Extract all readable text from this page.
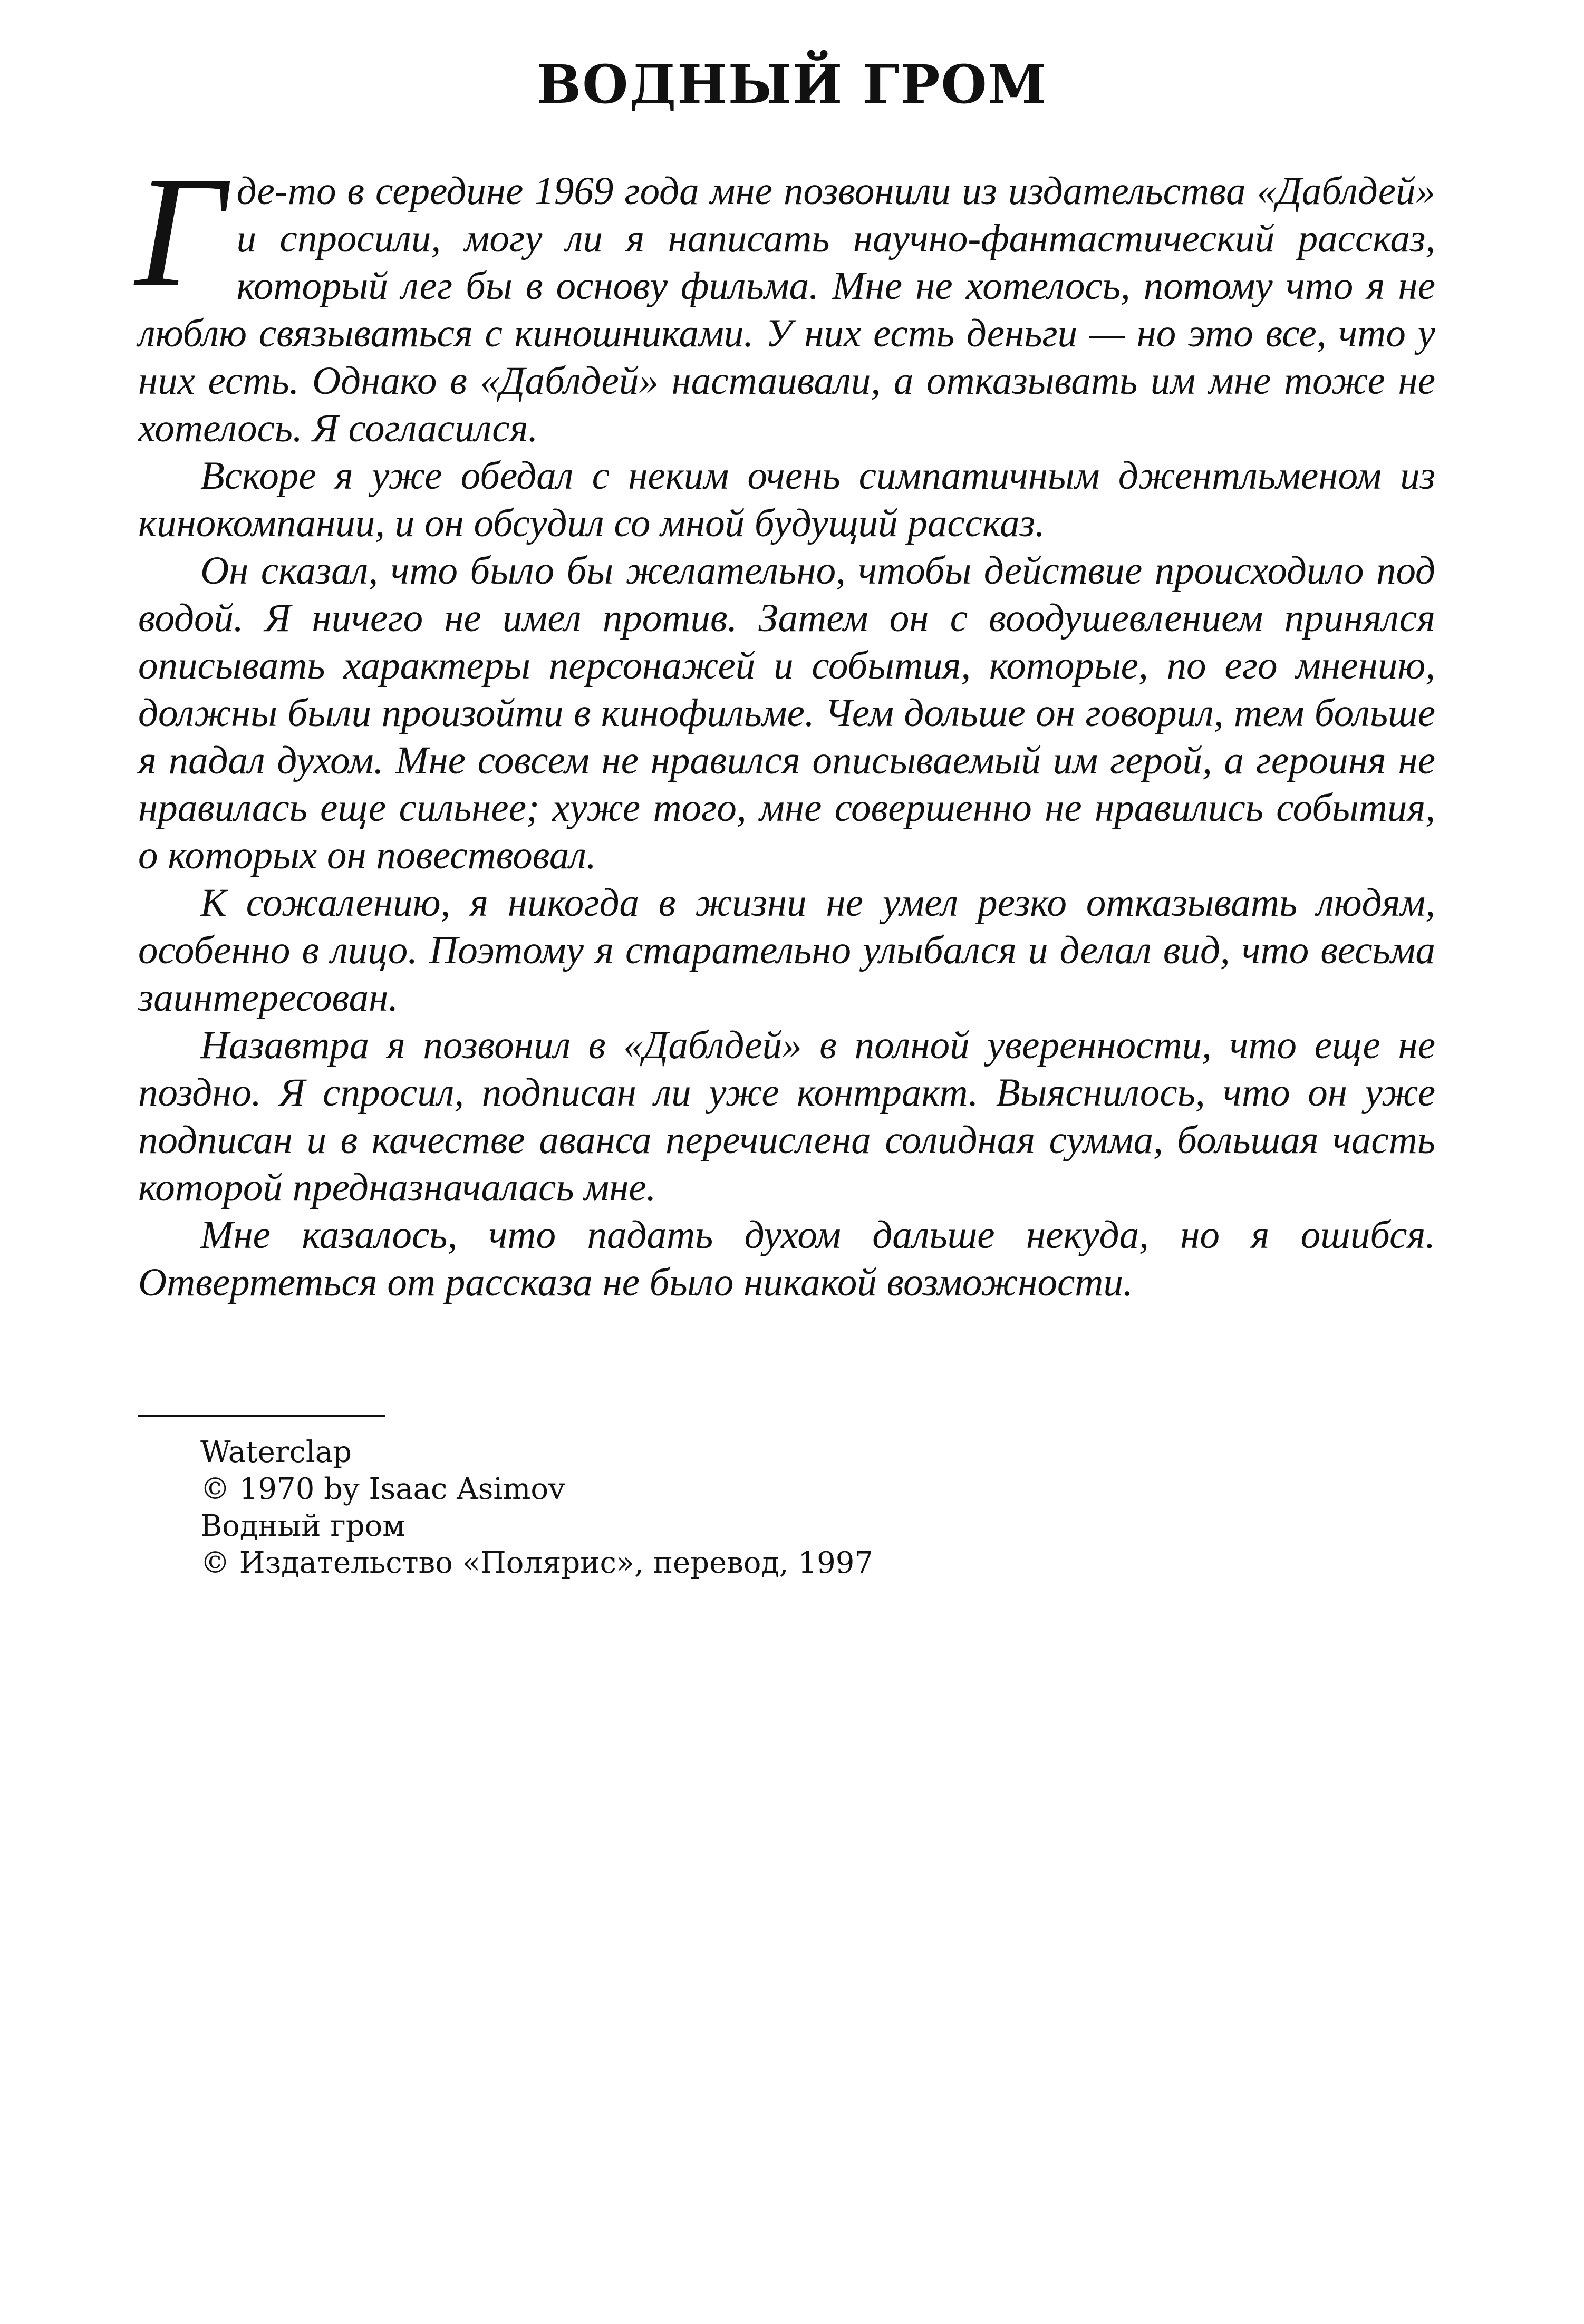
ВОДНЫЙ ГРОМ

Где-то в середине 1969 года мне позвонили из издательства «Даблдей» и спросили, могу ли я написать научно-фантастический рассказ, который лег бы в основу фильма. Мне не хотелось, потому что я не люблю связываться с киношниками. У них есть деньги — но это все, что у них есть. Однако в «Даблдей» настаивали, а отказывать им мне тоже не хотелось. Я согласился.

Вскоре я уже обедал с неким очень симпатичным джентльменом из кинокомпании, и он обсудил со мной будущий рассказ.

Он сказал, что было бы желательно, чтобы действие происходило под водой. Я ничего не имел против. Затем он с воодушевлением принялся описывать характеры персонажей и события, которые, по его мнению, должны были произойти в кинофильме. Чем дольше он говорил, тем больше я падал духом. Мне совсем не нравился описываемый им герой, а героиня не нравилась еще сильнее; хуже того, мне совершенно не нравились события, о которых он повествовал.

К сожалению, я никогда в жизни не умел резко отказывать людям, особенно в лицо. Поэтому я старательно улыбался и делал вид, что весьма заинтересован.

Назавтра я позвонил в «Даблдей» в полной уверенности, что еще не поздно. Я спросил, подписан ли уже контракт. Выяснилось, что он уже подписан и в качестве аванса перечислена солидная сумма, большая часть которой предназначалась мне.

Мне казалось, что падать духом дальше некуда, но я ошибся. Отвертеться от рассказа не было никакой возможности.

Waterclap
© 1970 by Isaac Asimov
Водный гром
© Издательство «Полярис», перевод, 1997
